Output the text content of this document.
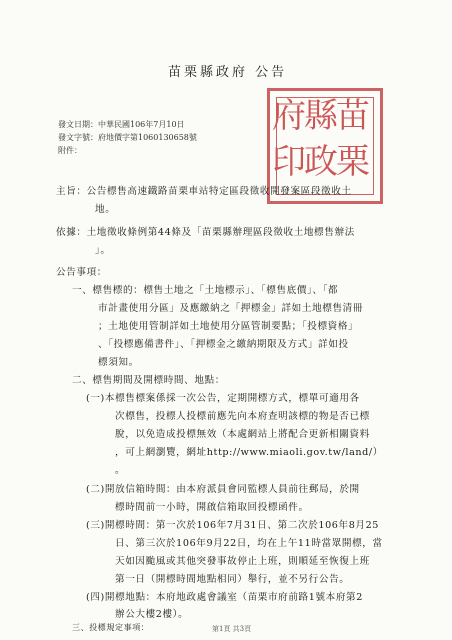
苗栗縣政府 公告
發文日期：中華民國106年7月10日
發文字號：府地價字第1060130658號
附件：
苗
栗
縣
政
府
印
主旨：公告標售高速鐵路苗栗車站特定區段徵收開發案區段徵收土
地。
依據：土地徵收條例第44條及「苗栗縣辦理區段徵收土地標售辦法
」。
公告事項：
一、標售標的：標售土地之「土地標示」、「標售底價」、「都
市計畫使用分區」及應繳納之「押標金」詳如土地標售清冊
；土地使用管制詳如土地使用分區管制要點；「投標資格」
、「投標應備書件」、「押標金之繳納期限及方式」詳如投
標須知。
二、標售期間及開標時間、地點：
(一)本標售標案係採一次公告，定期開標方式，標單可適用各
次標售，投標人投標前應先向本府查明該標的物是否已標
脫，以免造成投標無效（本處網站上將配合更新相關資料
，可上網瀏覽，網址http://www.miaoli.gov.tw/land/）
。
(二)開放信箱時間：由本府派員會同監標人員前往郵局，於開
標時間前一小時，開啟信箱取回投標函件。
(三)開標時間：第一次於106年7月31日、第二次於106年8月25
日、第三次於106年9月22日，均在上午11時當眾開標，當
天如因颱風或其他突發事故停止上班，則順延至恢復上班
第一日（開標時間地點相同）舉行，並不另行公告。
(四)開標地點：本府地政處會議室（苗栗市府前路1號本府第2
辦公大樓2樓）。
三、投標規定事項：	第1頁 共3頁
